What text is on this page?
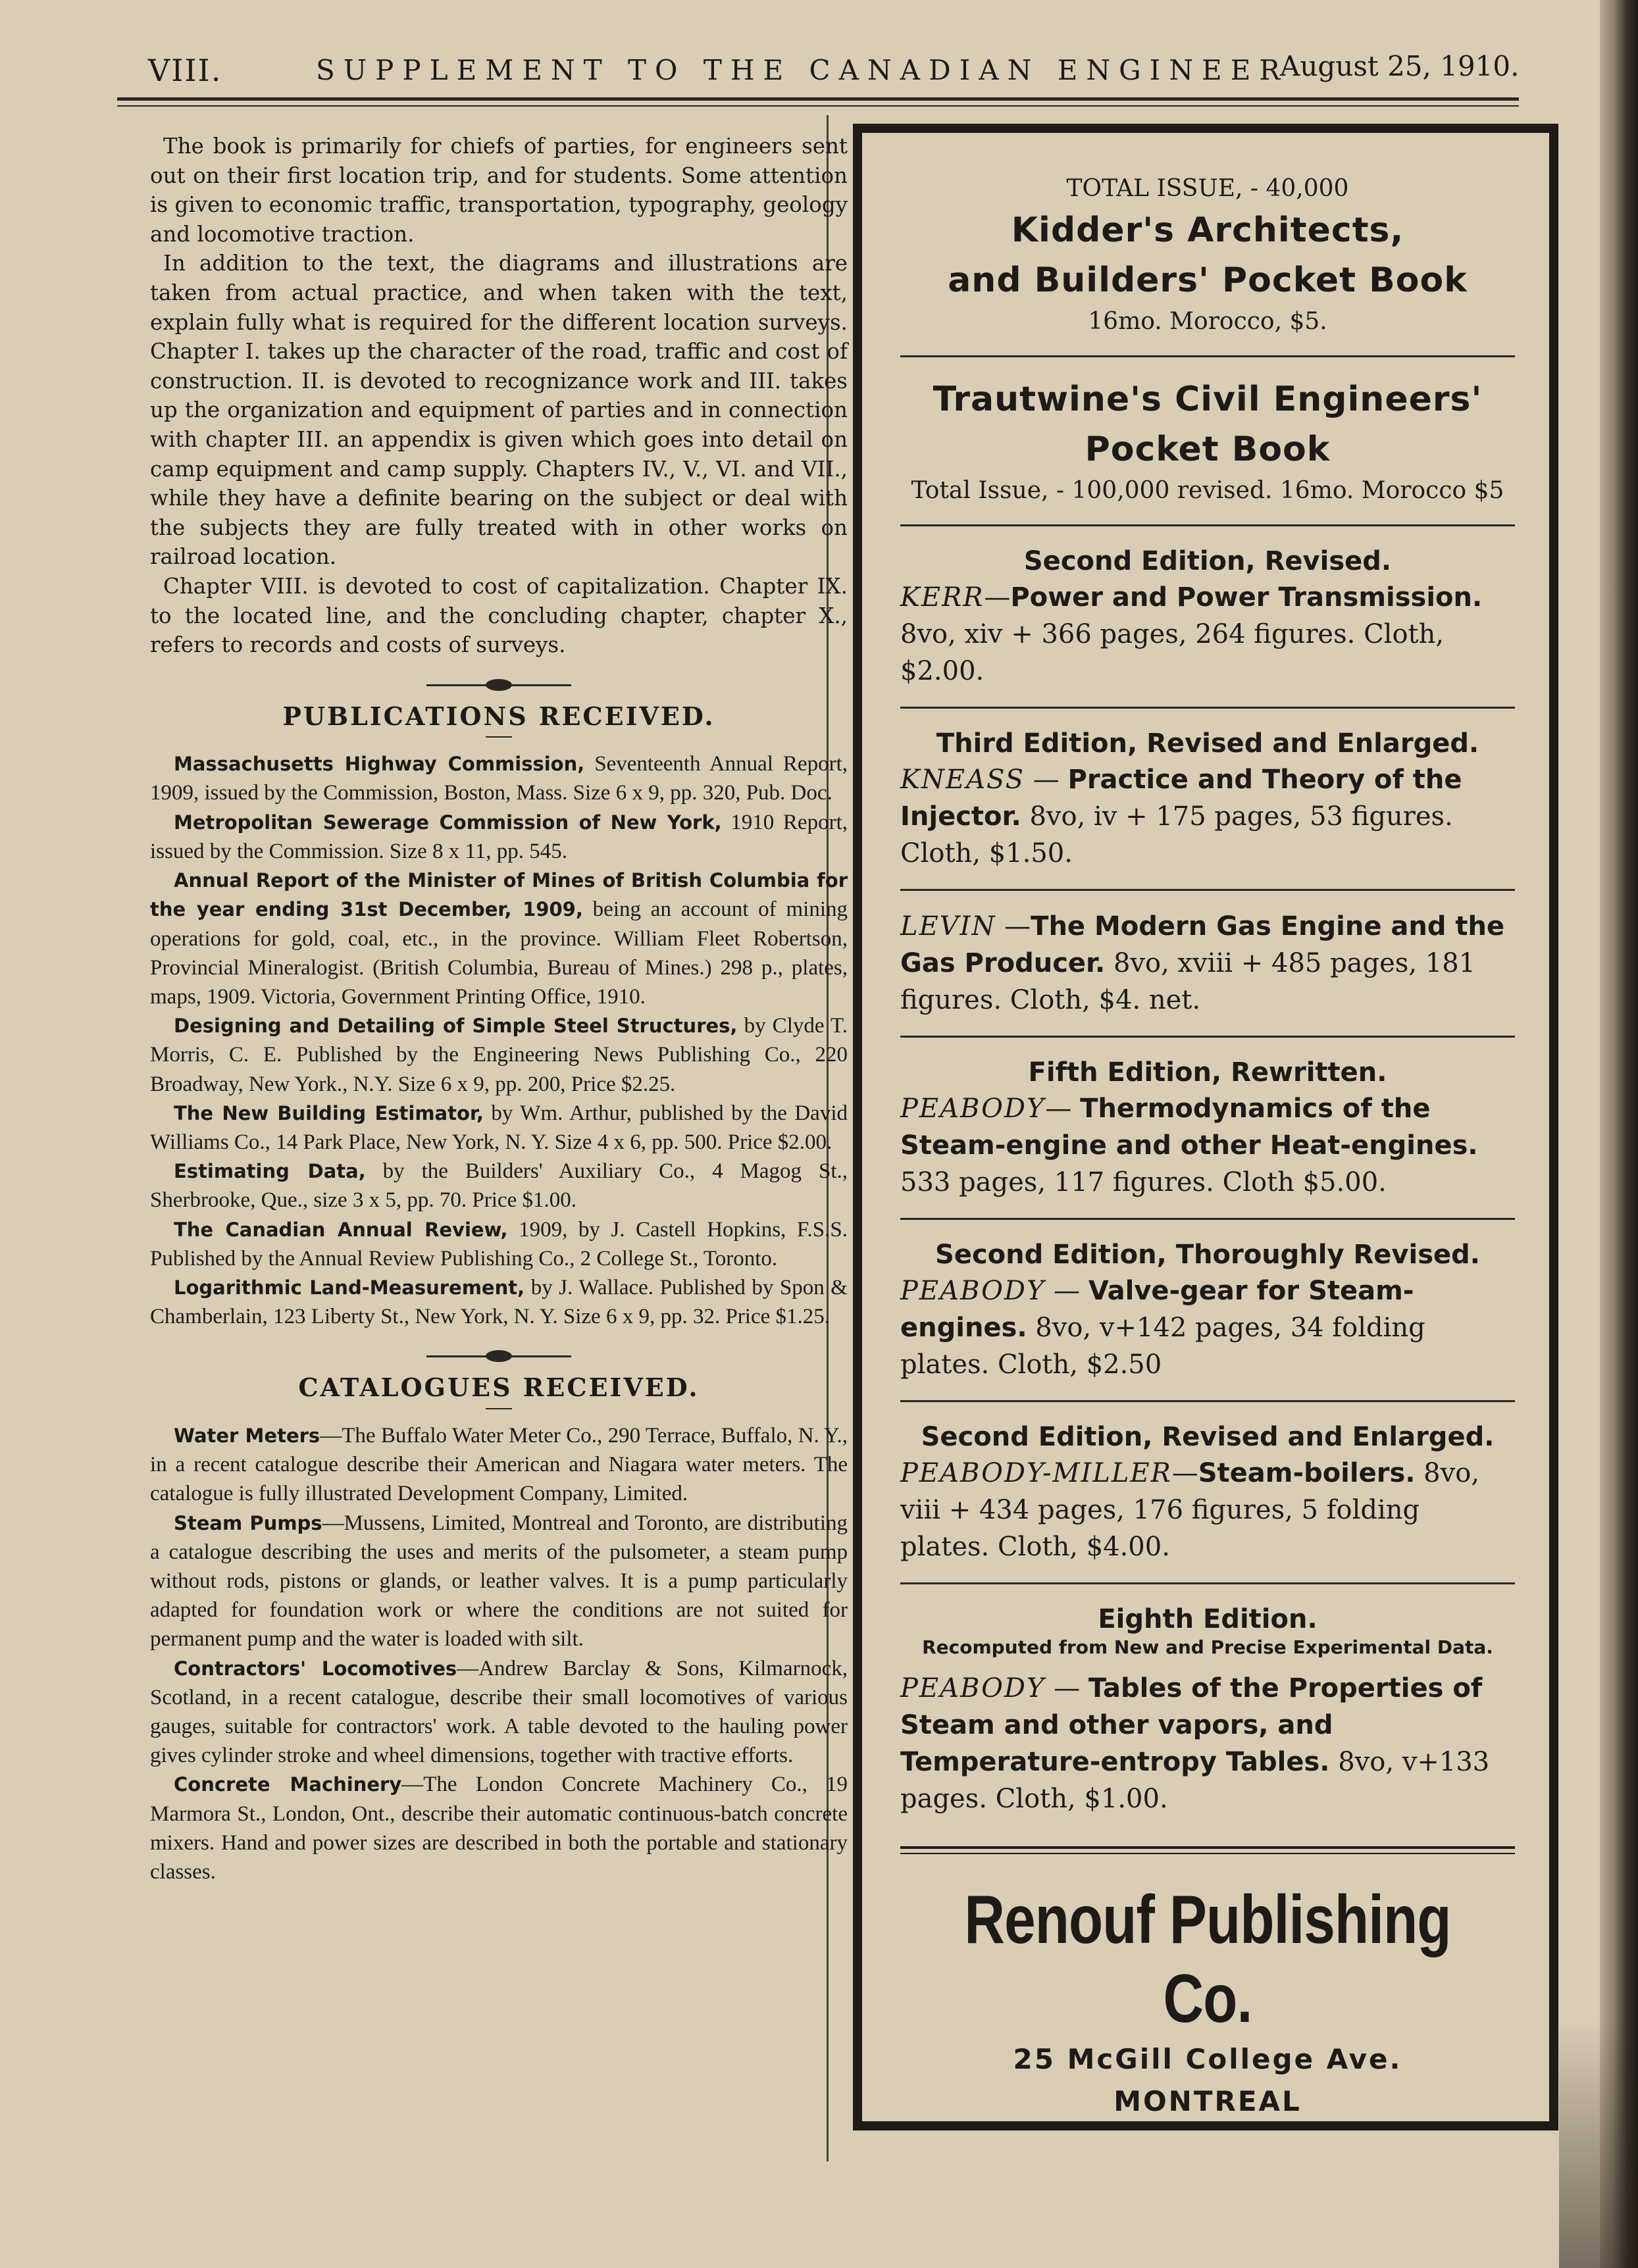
VIII.	SUPPLEMENT TO THE CANADIAN ENGINEER
August 25, 1910.

The book is primarily for chiefs of parties, for engineers sent out on their first location trip, and for students. Some attention is given to economic traffic, transportation, typography, geology and locomotive traction.

In addition to the text, the diagrams and illustrations are taken from actual practice, and when taken with the text, explain fully what is required for the different location surveys. Chapter I. takes up the character of the road, traffic and cost of construction. II. is devoted to recognizance work and III. takes up the organization and equipment of parties and in connection with chapter III. an appendix is given which goes into detail on camp equipment and camp supply. Chapters IV., V., VI. and VII., while they have a definite bearing on the subject or deal with the subjects they are fully treated with in other works on railroad location.

Chapter VIII. is devoted to cost of capitalization. Chapter IX. to the located line, and the concluding chapter, chapter X., refers to records and costs of surveys.

PUBLICATIONS RECEIVED.

Massachusetts Highway Commission, Seventeenth Annual Report, 1909, issued by the Commission, Boston, Mass. Size 6 x 9, pp. 320, Pub. Doc.

Metropolitan Sewerage Commission of New York, 1910 Report, issued by the Commission. Size 8 x 11, pp. 545.

Annual Report of the Minister of Mines of British Columbia for the year ending 31st December, 1909, being an account of mining operations for gold, coal, etc., in the province. William Fleet Robertson, Provincial Mineralogist. (British Columbia, Bureau of Mines.) 298 p., plates, maps, 1909. Victoria, Government Printing Office, 1910.

Designing and Detailing of Simple Steel Structures, by Clyde T. Morris, C. E. Published by the Engineering News Publishing Co., 220 Broadway, New York., N.Y. Size 6 x 9, pp. 200, Price $2.25.

The New Building Estimator, by Wm. Arthur, published by the David Williams Co., 14 Park Place, New York, N. Y. Size 4 x 6, pp. 500. Price $2.00.

Estimating Data, by the Builders' Auxiliary Co., 4 Magog St., Sherbrooke, Que., size 3 x 5, pp. 70. Price $1.00.

The Canadian Annual Review, 1909, by J. Castell Hopkins, F.S.S. Published by the Annual Review Publishing Co., 2 College St., Toronto.

Logarithmic Land-Measurement, by J. Wallace. Published by Spon & Chamberlain, 123 Liberty St., New York, N. Y. Size 6 x 9, pp. 32. Price $1.25.

CATALOGUES RECEIVED.

Water Meters—The Buffalo Water Meter Co., 290 Terrace, Buffalo, N. Y., in a recent catalogue describe their American and Niagara water meters. The catalogue is fully illustrated Development Company, Limited.

Steam Pumps—Mussens, Limited, Montreal and Toronto, are distributing a catalogue describing the uses and merits of the pulsometer, a steam pump without rods, pistons or glands, or leather valves. It is a pump particularly adapted for foundation work or where the conditions are not suited for permanent pump and the water is loaded with silt.

Contractors' Locomotives—Andrew Barclay & Sons, Kilmarnock, Scotland, in a recent catalogue, describe their small locomotives of various gauges, suitable for contractors' work. A table devoted to the hauling power gives cylinder stroke and wheel dimensions, together with tractive efforts.

Concrete Machinery—The London Concrete Machinery Co., 19 Marmora St., London, Ont., describe their automatic continuous-batch concrete mixers. Hand and power sizes are described in both the portable and stationary classes.

TOTAL ISSUE, - 40,000
Kidder's Architects,
and Builders' Pocket Book
16mo. Morocco, $5.
Trautwine's Civil Engineers'
Pocket Book
Total Issue, - 100,000 revised. 16mo. Morocco $5
Second Edition, Revised.
KERR—Power and Power Transmission. 8vo, xiv + 366 pages, 264 figures. Cloth, $2.00.
Third Edition, Revised and Enlarged.
KNEASS — Practice and Theory of the Injector. 8vo, iv + 175 pages, 53 figures. Cloth, $1.50.
LEVIN —The Modern Gas Engine and the Gas Producer. 8vo, xviii + 485 pages, 181 figures. Cloth, $4. net.
Fifth Edition, Rewritten.
PEABODY— Thermodynamics of the Steam-engine and other Heat-engines. 533 pages, 117 figures. Cloth $5.00.
Second Edition, Thoroughly Revised.
PEABODY — Valve-gear for Steam-engines. 8vo, v+142 pages, 34 folding plates. Cloth, $2.50
Second Edition, Revised and Enlarged.
PEABODY-MILLER—Steam-boilers. 8vo, viii + 434 pages, 176 figures, 5 folding plates. Cloth, $4.00.
Eighth Edition.
Recomputed from New and Precise Experimental Data.
PEABODY — Tables of the Properties of Steam and other vapors, and Temperature-entropy Tables. 8vo, v+133 pages. Cloth, $1.00.
Renouf Publishing Co.
25 McGill College Ave.
MONTREAL
